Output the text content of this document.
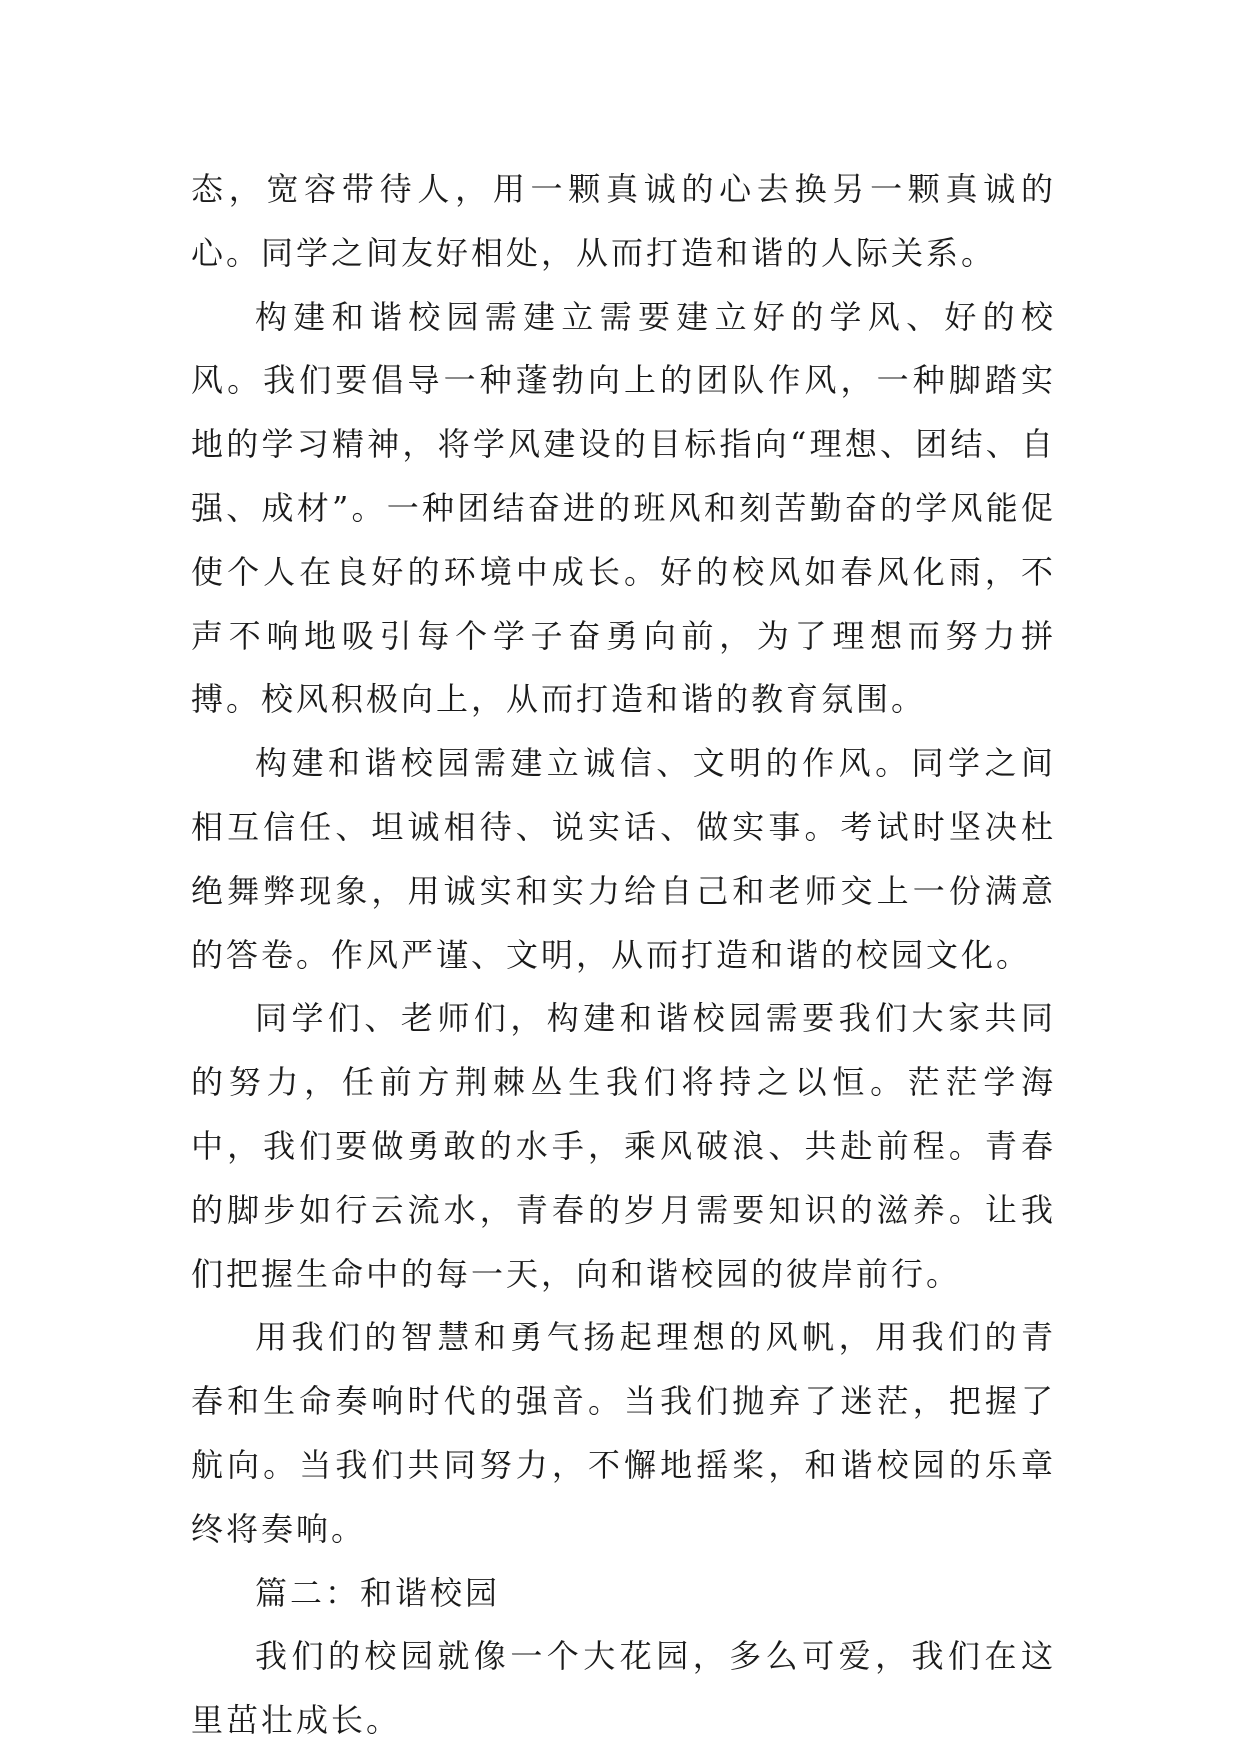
态，宽容带待人，用一颗真诚的心去换另一颗真诚的心。同学之间友好相处，从而打造和谐的人际关系。

构建和谐校园需建立需要建立好的学风、好的校风。我们要倡导一种蓬勃向上的团队作风，一种脚踏实地的学习精神，将学风建设的目标指向“理想、团结、自强、成材”。一种团结奋进的班风和刻苦勤奋的学风能促使个人在良好的环境中成长。好的校风如春风化雨，不声不响地吸引每个学子奋勇向前，为了理想而努力拼搏。校风积极向上，从而打造和谐的教育氛围。

构建和谐校园需建立诚信、文明的作风。同学之间相互信任、坦诚相待、说实话、做实事。考试时坚决杜绝舞弊现象，用诚实和实力给自己和老师交上一份满意的答卷。作风严谨、文明，从而打造和谐的校园文化。

同学们、老师们，构建和谐校园需要我们大家共同的努力，任前方荆棘丛生我们将持之以恒。茫茫学海中，我们要做勇敢的水手，乘风破浪、共赴前程。青春的脚步如行云流水，青春的岁月需要知识的滋养。让我们把握生命中的每一天，向和谐校园的彼岸前行。

用我们的智慧和勇气扬起理想的风帆，用我们的青春和生命奏响时代的强音。当我们抛弃了迷茫，把握了航向。当我们共同努力，不懈地摇桨，和谐校园的乐章终将奏响。

篇二：和谐校园

我们的校园就像一个大花园，多么可爱，我们在这里茁壮成长。
